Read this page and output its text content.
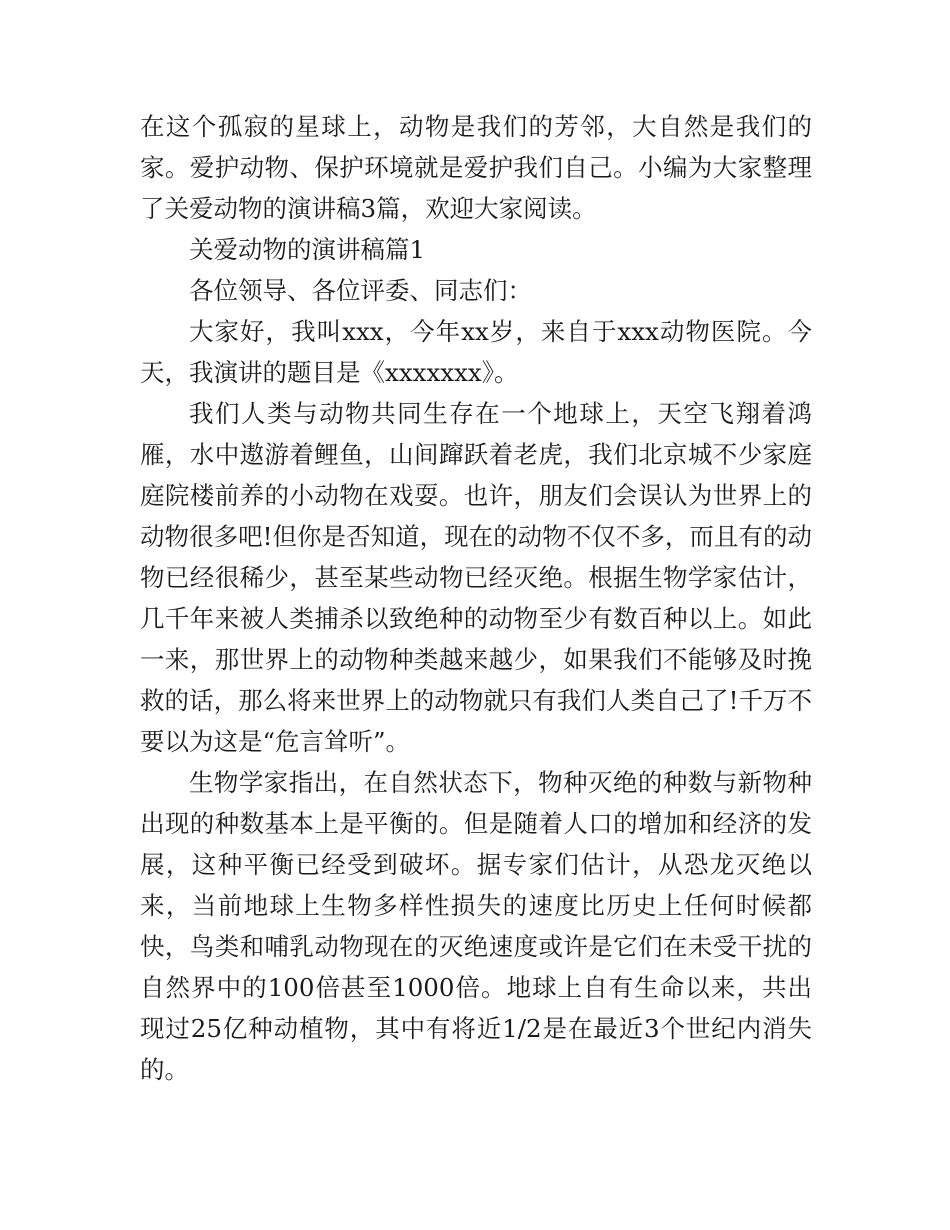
在这个孤寂的星球上，动物是我们的芳邻，大自然是我们的家。爱护动物、保护环境就是爱护我们自己。小编为大家整理了关爱动物的演讲稿3篇，欢迎大家阅读。

关爱动物的演讲稿篇1

各位领导、各位评委、同志们：

大家好，我叫xxx，今年xx岁，来自于xxx动物医院。今天，我演讲的题目是《xxxxxxx》。

我们人类与动物共同生存在一个地球上，天空飞翔着鸿雁，水中遨游着鲤鱼，山间蹿跃着老虎，我们北京城不少家庭庭院楼前养的小动物在戏耍。也许，朋友们会误认为世界上的动物很多吧!但你是否知道，现在的动物不仅不多，而且有的动物已经很稀少，甚至某些动物已经灭绝。根据生物学家估计，几千年来被人类捕杀以致绝种的动物至少有数百种以上。如此一来，那世界上的动物种类越来越少，如果我们不能够及时挽救的话，那么将来世界上的动物就只有我们人类自己了!千万不要以为这是“危言耸听”。

生物学家指出，在自然状态下，物种灭绝的种数与新物种出现的种数基本上是平衡的。但是随着人口的增加和经济的发展，这种平衡已经受到破坏。据专家们估计，从恐龙灭绝以来，当前地球上生物多样性损失的速度比历史上任何时候都快，鸟类和哺乳动物现在的灭绝速度或许是它们在未受干扰的自然界中的100倍甚至1000倍。地球上自有生命以来，共出现过25亿种动植物，其中有将近1/2是在最近3个世纪内消失的。
